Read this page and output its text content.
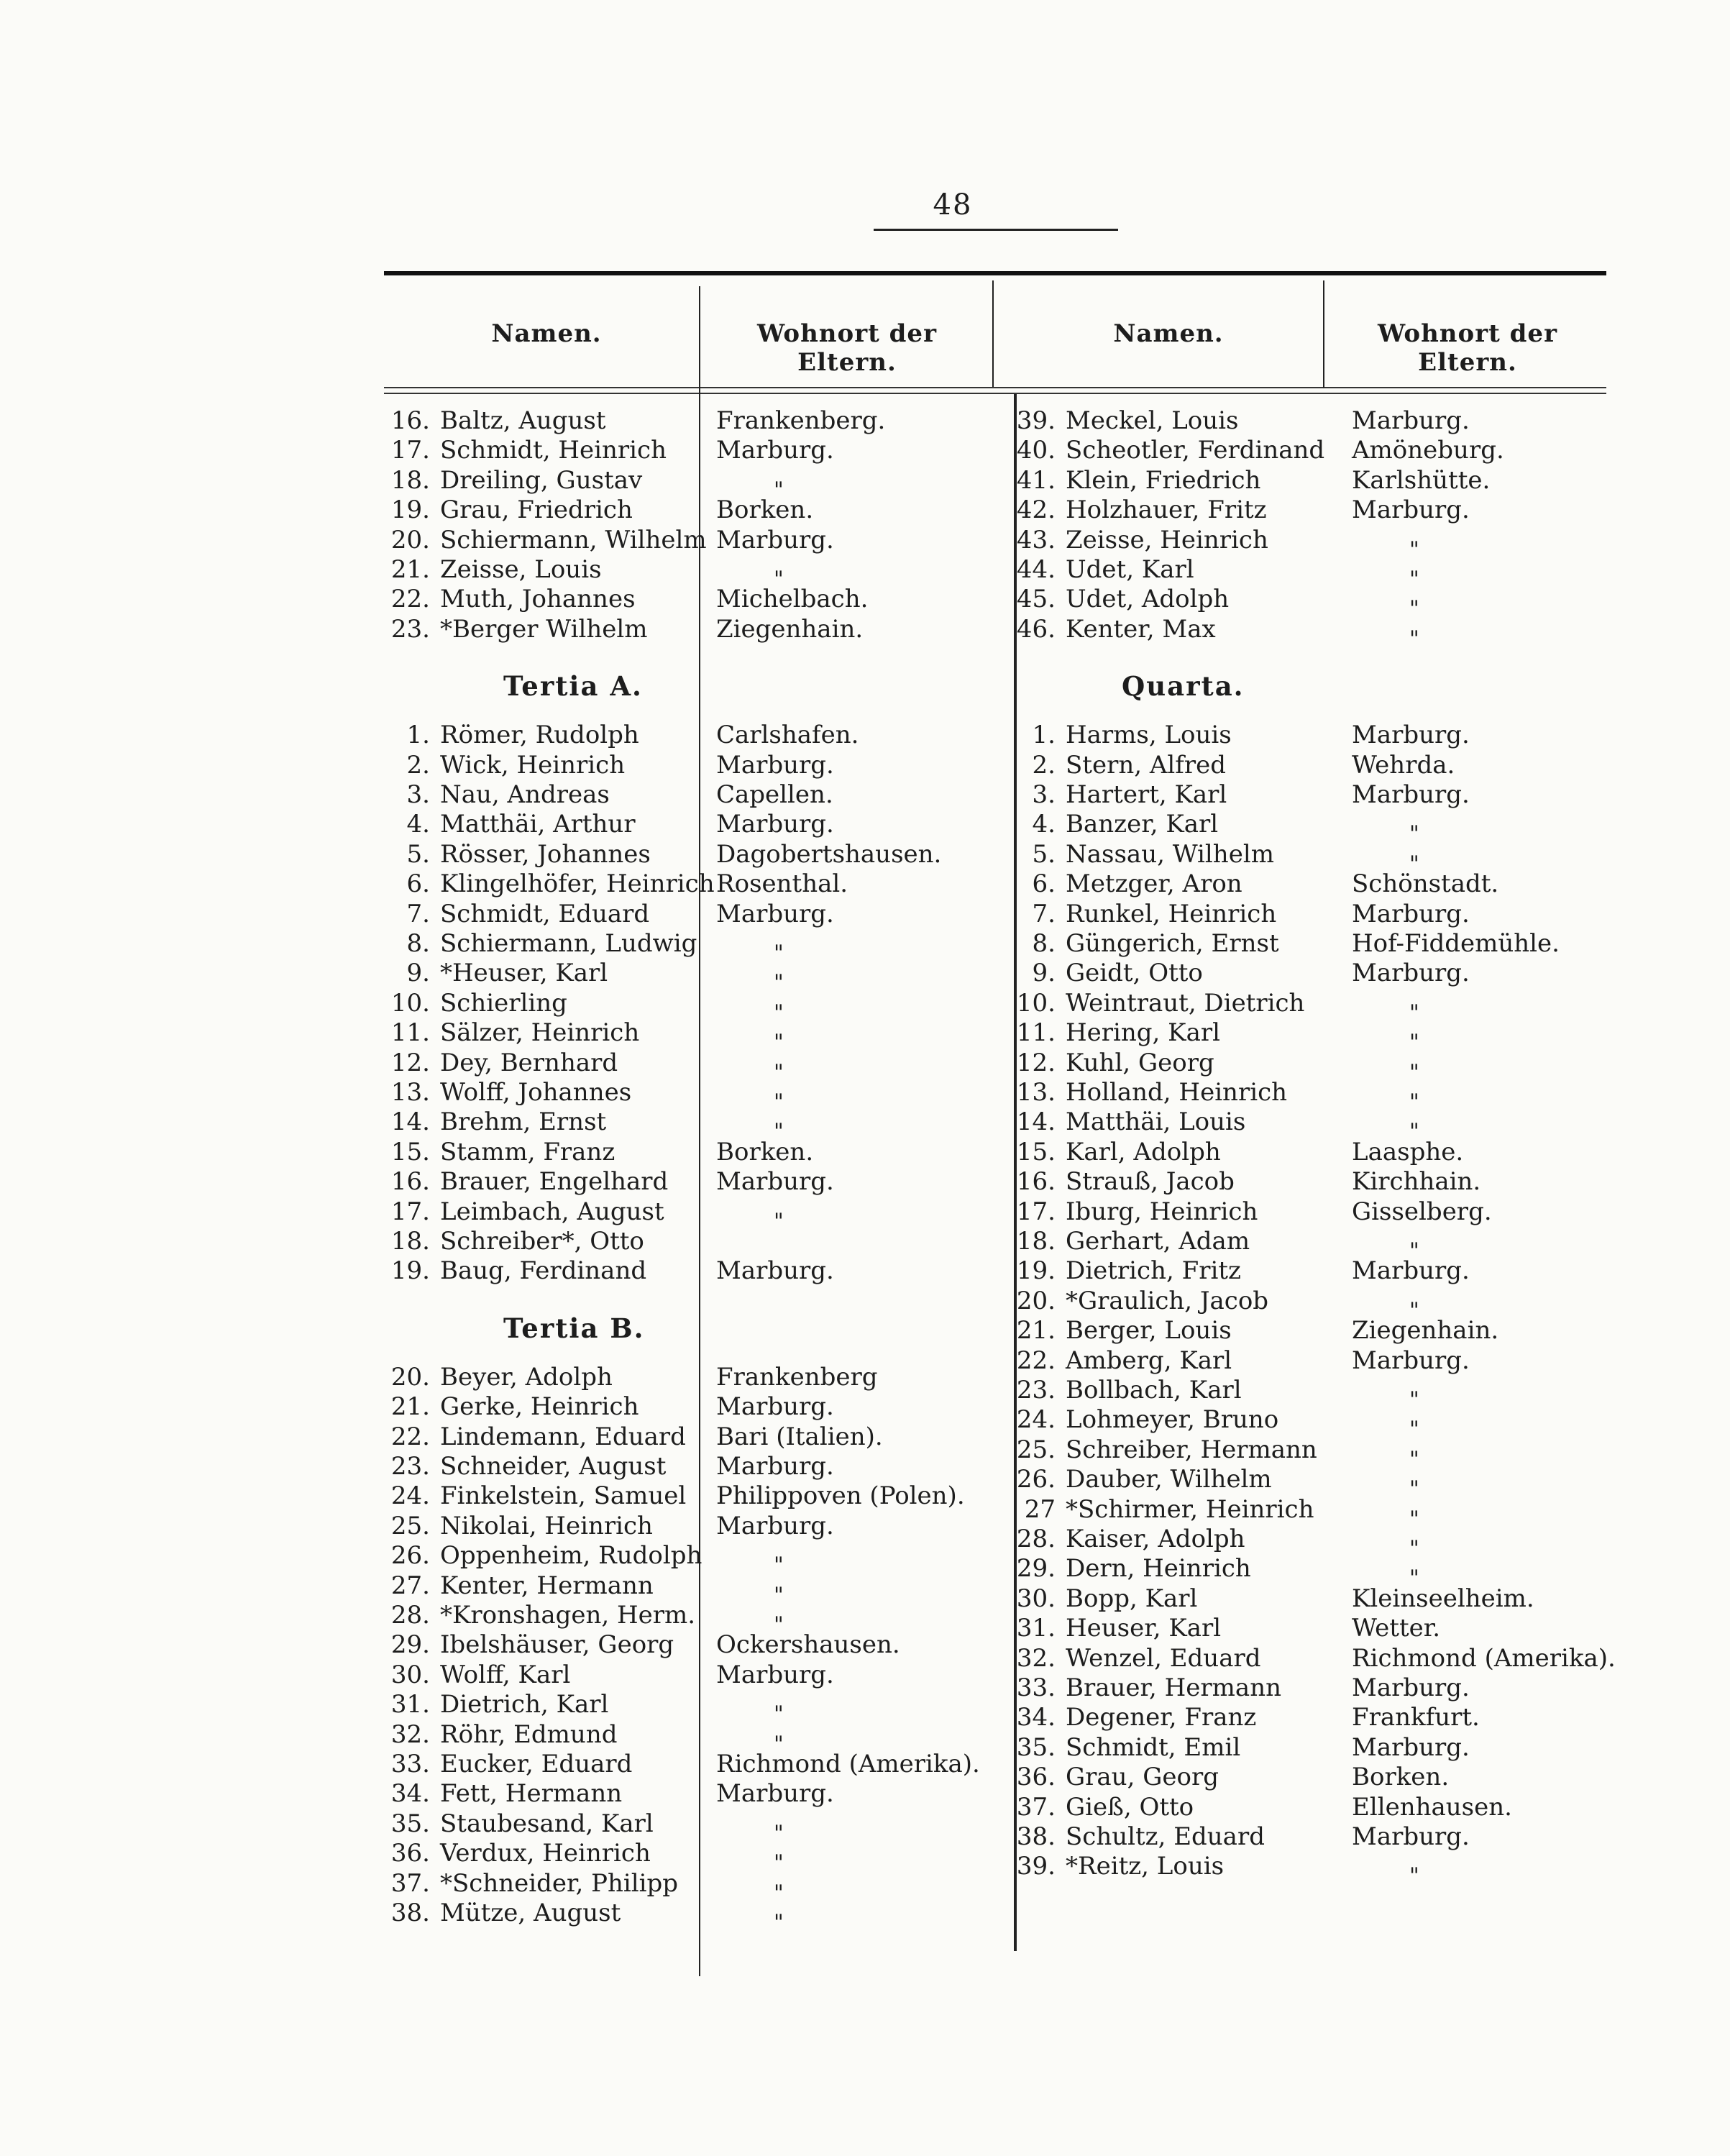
48
Namen.	Wohnort der Eltern.
Namen.	Wohnort der Eltern.
16. Baltz, August	Frankenberg.
17. Schmidt, Heinrich Marburg.
18. Dreiling, Gustav	"
19. Grau, Friedrich	Borken.
20. Schiermann, Wilhelm Marburg.
21. Zeisse, Louis	"
22. Muth, Johannes	Michelbach.
23. *Berger Wilhelm	Ziegenhain.
Tertia A.
1. Römer, Rudolph	Carlshafen.
2. Wick, Heinrich	Marburg.
3. Nau, Andreas	Capellen.
4. Matthäi, Arthur	Marburg.
5. Rösser, Johannes	Dagobertshausen.
6. Klingelhöfer, Heinrich Rosenthal.
7. Schmidt, Eduard	Marburg.
8. Schiermann, Ludwig	"
9. *Heuser, Karl	"
10. Schierling	"
11. Sälzer, Heinrich	"
12. Dey, Bernhard	"
13. Wolff, Johannes	"
14. Brehm, Ernst	"
15. Stamm, Franz	Borken.
16. Brauer, Engelhard Marburg.
17. Leimbach, August	"
18. Schreiber*, Otto
19. Baug, Ferdinand	Marburg.
Tertia B.
20. Beyer, Adolph	Frankenberg
21. Gerke, Heinrich	Marburg.
22. Lindemann, Eduard Bari (Italien).
23. Schneider, August Marburg.
24. Finkelstein, Samuel Philippoven (Polen).
25. Nikolai, Heinrich	Marburg.
26. Oppenheim, Rudolph	"
27. Kenter, Hermann	"
28. *Kronshagen, Herm.	"
29. Ibelshäuser, Georg Ockershausen.
30. Wolff, Karl	Marburg.
31. Dietrich, Karl	"
32. Röhr, Edmund	"
33. Eucker, Eduard	Richmond (Amerika).
34. Fett, Hermann	Marburg.
35. Staubesand, Karl	"
36. Verdux, Heinrich	"
37. *Schneider, Philipp	"
38. Mütze, August	"
39. Meckel, Louis	Marburg.
40. Scheotler, Ferdinand Amöneburg.
41. Klein, Friedrich	Karlshütte.
42. Holzhauer, Fritz	Marburg.
43. Zeisse, Heinrich	"
44. Udet, Karl	"
45. Udet, Adolph	"
46. Kenter, Max	"
Quarta.
1. Harms, Louis	Marburg.
2. Stern, Alfred	Wehrda.
3. Hartert, Karl	Marburg.
4. Banzer, Karl	"
5. Nassau, Wilhelm	"
6. Metzger, Aron	Schönstadt.
7. Runkel, Heinrich	Marburg.
8. Güngerich, Ernst	Hof-Fiddemühle.
9. Geidt, Otto	Marburg.
10. Weintraut, Dietrich	"
11. Hering, Karl	"
12. Kuhl, Georg	"
13. Holland, Heinrich	"
14. Matthäi, Louis	"
15. Karl, Adolph	Laasphe.
16. Strauß, Jacob	Kirchhain.
17. Iburg, Heinrich	Gisselberg.
18. Gerhart, Adam	"
19. Dietrich, Fritz	Marburg.
20. *Graulich, Jacob	"
21. Berger, Louis	Ziegenhain.
22. Amberg, Karl	Marburg.
23. Bollbach, Karl	"
24. Lohmeyer, Bruno	"
25. Schreiber, Hermann	"
26. Dauber, Wilhelm	"
27 *Schirmer, Heinrich	"
28. Kaiser, Adolph	"
29. Dern, Heinrich	"
30. Bopp, Karl	Kleinseelheim.
31. Heuser, Karl	Wetter.
32. Wenzel, Eduard	Richmond (Amerika).
33. Brauer, Hermann	Marburg.
34. Degener, Franz	Frankfurt.
35. Schmidt, Emil	Marburg.
36. Grau, Georg	Borken.
37. Gieß, Otto	Ellenhausen.
38. Schultz, Eduard	Marburg.
39. *Reitz, Louis	"
